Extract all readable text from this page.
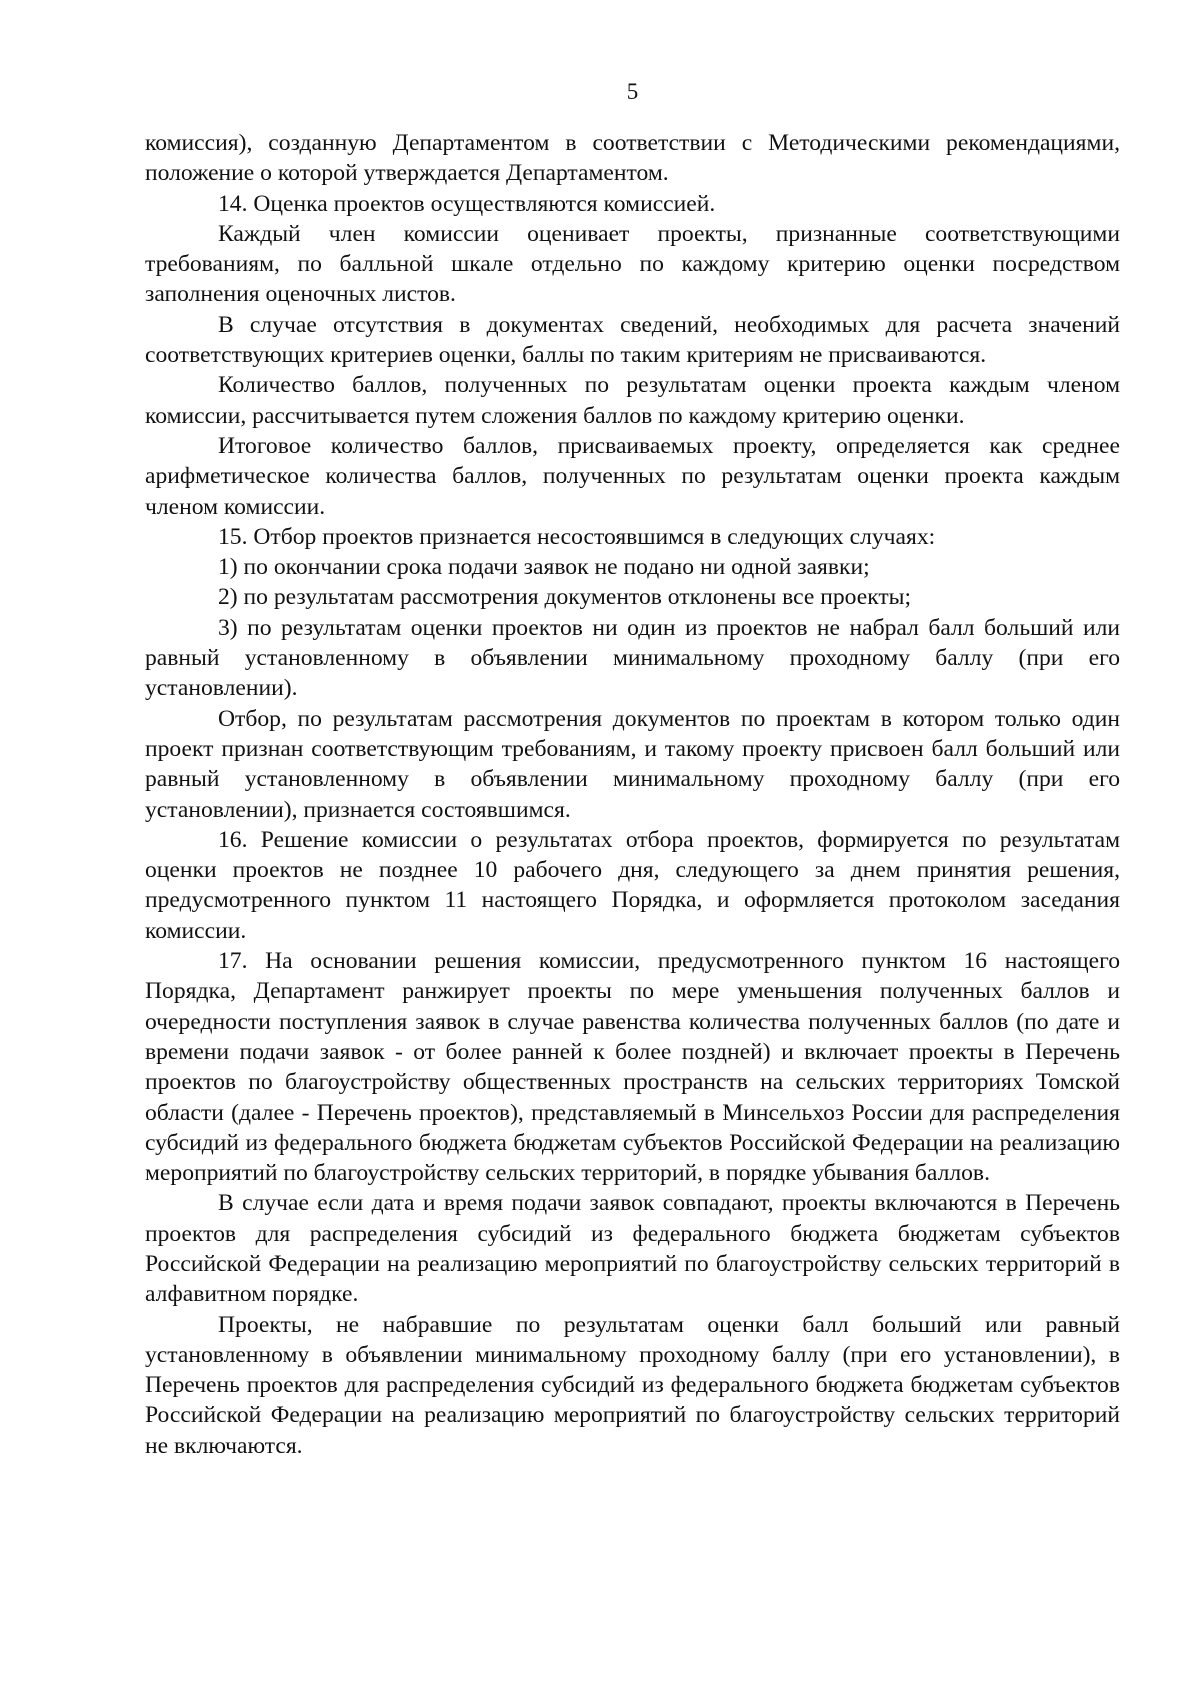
5

комиссия), созданную Департаментом в соответствии с Методическими рекомендациями, положение о которой утверждается Департаментом.

14. Оценка проектов осуществляются комиссией.

Каждый член комиссии оценивает проекты, признанные соответствующими требованиям, по балльной шкале отдельно по каждому критерию оценки посредством заполнения оценочных листов.

В случае отсутствия в документах сведений, необходимых для расчета значений соответствующих критериев оценки, баллы по таким критериям не присваиваются.

Количество баллов, полученных по результатам оценки проекта каждым членом комиссии, рассчитывается путем сложения баллов по каждому критерию оценки.

Итоговое количество баллов, присваиваемых проекту, определяется как среднее арифметическое количества баллов, полученных по результатам оценки проекта каждым членом комиссии.

15. Отбор проектов признается несостоявшимся в следующих случаях:

1) по окончании срока подачи заявок не подано ни одной заявки;

2) по результатам рассмотрения документов отклонены все проекты;

3) по результатам оценки проектов ни один из проектов не набрал балл больший или равный установленному в объявлении минимальному проходному баллу (при его установлении).

Отбор, по результатам рассмотрения документов по проектам в котором только один проект признан соответствующим требованиям, и такому проекту присвоен балл больший или равный установленному в объявлении минимальному проходному баллу (при его установлении), признается состоявшимся.

16. Решение комиссии о результатах отбора проектов, формируется по результатам оценки проектов не позднее 10 рабочего дня, следующего за днем принятия решения, предусмотренного пунктом 11 настоящего Порядка, и оформляется протоколом заседания комиссии.

17. На основании решения комиссии, предусмотренного пунктом 16 настоящего Порядка, Департамент ранжирует проекты по мере уменьшения полученных баллов и очередности поступления заявок в случае равенства количества полученных баллов (по дате и времени подачи заявок - от более ранней к более поздней) и включает проекты в Перечень проектов по благоустройству общественных пространств на сельских территориях Томской области (далее - Перечень проектов), представляемый в Минсельхоз России для распределения субсидий из федерального бюджета бюджетам субъектов Российской Федерации на реализацию мероприятий по благоустройству сельских территорий, в порядке убывания баллов.

В случае если дата и время подачи заявок совпадают, проекты включаются в Перечень проектов для распределения субсидий из федерального бюджета бюджетам субъектов Российской Федерации на реализацию мероприятий по благоустройству сельских территорий в алфавитном порядке.

Проекты, не набравшие по результатам оценки балл больший или равный установленному в объявлении минимальному проходному баллу (при его установлении), в Перечень проектов для распределения субсидий из федерального бюджета бюджетам субъектов Российской Федерации на реализацию мероприятий по благоустройству сельских территорий не включаются.
